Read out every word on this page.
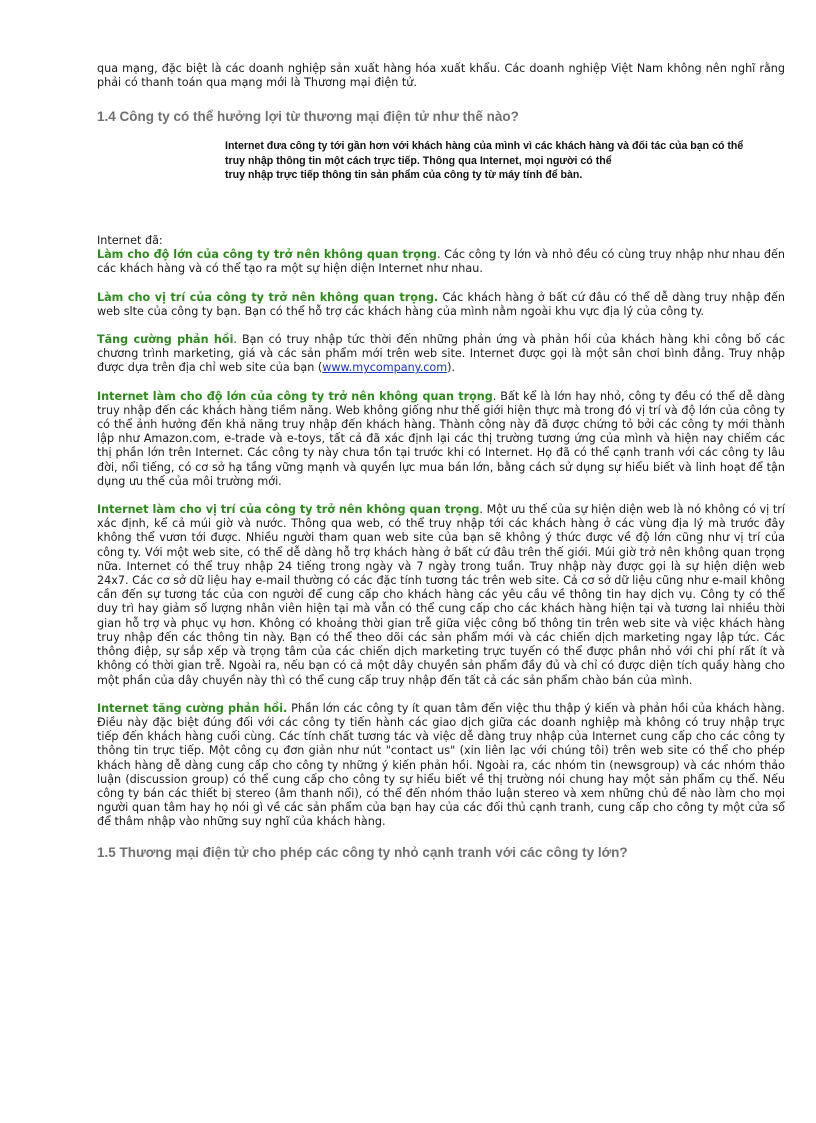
qua mạng, đặc biệt là các doanh nghiệp sản xuất hàng hóa xuất khẩu. Các doanh nghiệp Việt Nam không nên nghĩ rằng phải có thanh toán qua mạng mới là Thương mại điện tử.

1.4 Công ty có thể hưởng lợi từ thương mại điện tử như thế nào?

Internet đưa công ty tới gần hơn với khách hàng của mình vì các khách hàng và đối tác của bạn có thể

truy nhập thông tin một cách trực tiếp. Thông qua Internet, mọi người có thể

truy nhập trực tiếp thông tin sản phẩm của công ty từ máy tính để bàn.

Internet đã:

Làm cho độ lớn của công ty trở nên không quan trọng. Các công ty lớn và nhỏ đều có cùng truy nhập như nhau đến các khách hàng và có thể tạo ra một sự hiện diện Internet như nhau.

Làm cho vị trí của công ty trở nên không quan trọng. Các khách hàng ở bất cứ đâu có thể dễ dàng truy nhập đến web slte của công ty bạn. Bạn có thể hỗ trợ các khách hàng của mình nằm ngoài khu vực địa lý của công ty.

Tăng cường phản hồi. Bạn có truy nhập tức thời đến những phản ứng và phản hồi của khách hàng khi công bố các chương trình marketing, giá và các sản phẩm mới trên web site. Internet được gọi là một sân chơi bình đẳng. Truy nhập được dựa trên địa chỉ web site của bạn (www.mycompany.com).

Internet làm cho độ lớn của công ty trở nên không quan trọng. Bất kể là lớn hay nhỏ, công ty đều có thể dễ dàng truy nhập đến các khách hàng tiềm năng. Web không giống như thế giới hiện thực mà trong đó vị trí và độ lớn của công ty có thể ảnh hưởng đến khả năng truy nhập đến khách hàng. Thành công này đã được chứng tỏ bởi các công ty mới thành lập như Amazon.com, e-trade và e-toys, tất cả đã xác định lại các thị trường tương ứng của mình và hiện nay chiếm các thị phần lớn trên Internet. Các công ty này chưa tồn tại trước khi có Internet. Họ đã có thể cạnh tranh với các công ty lâu đời, nổi tiếng, có cơ sở hạ tầng vững mạnh và quyền lực mua bán lớn, bằng cách sử dụng sự hiểu biết và linh hoạt để tận dụng ưu thế của môi trường mới.

Internet làm cho vị trí của công ty trở nên không quan trọng. Một ưu thế của sự hiện diện web là nó không có vị trí xác định, kể cả múi giờ và nước. Thông qua web, có thể truy nhập tới các khách hàng ở các vùng địa lý mà trước đây không thể vươn tới được. Nhiều người tham quan web site của bạn sẽ không ý thức được về độ lớn cũng như vị trí của công ty. Với một web site, có thể dễ dàng hỗ trợ khách hàng ở bất cứ đâu trên thế giới. Múi giờ trở nên không quan trọng nữa. Internet có thể truy nhập 24 tiếng trong ngày và 7 ngày trong tuần. Truy nhập này được gọi là sự hiện diện web 24x7. Các cơ sở dữ liệu hay e-mail thường có các đặc tính tương tác trên web site. Cả cơ sở dữ liệu cũng như e-mail không cần đến sự tương tác của con người để cung cấp cho khách hàng các yêu cầu về thông tin hay dịch vụ. Công ty có thể duy trì hay giảm số lượng nhân viên hiện tại mà vẫn có thể cung cấp cho các khách hàng hiện tại và tương lai nhiều thời gian hỗ trợ và phục vụ hơn. Không có khoảng thời gian trễ giữa việc công bố thông tin trên web site và việc khách hàng truy nhập đến các thông tin này. Bạn có thể theo dõi các sản phẩm mới và các chiến dịch marketing ngay lập tức. Các thông điệp, sự sắp xếp và trọng tâm của các chiến dịch marketing trực tuyến có thể được phân nhỏ với chi phí rất ít và không có thời gian trễ. Ngoài ra, nếu bạn có cả một dây chuyền sản phẩm đầy đủ và chỉ có được diện tích quầy hàng cho một phần của dây chuyền này thì có thể cung cấp truy nhập đến tất cả các sản phẩm chào bán của mình.

Internet tăng cường phản hồi. Phần lớn các công ty ít quan tâm đến việc thu thập ý kiến và phản hồi của khách hàng. Điều này đặc biệt đúng đối với các công ty tiến hành các giao dịch giữa các doanh nghiệp mà không có truy nhập trực tiếp đến khách hàng cuối cùng. Các tính chất tương tác và việc dễ dàng truy nhập của Internet cung cấp cho các công ty thông tin trực tiếp. Một công cụ đơn giản như nút "contact us" (xin liên lạc với chúng tôi) trên web site có thể cho phép khách hàng dễ dàng cung cấp cho công ty những ý kiến phản hồi. Ngoài ra, các nhóm tin (newsgroup) và các nhóm thảo luận (discussion group) có thể cung cấp cho công ty sự hiểu biết về thị trường nói chung hay một sản phẩm cụ thể. Nếu công ty bán các thiết bị stereo (âm thanh nổi), có thể đến nhóm thảo luận stereo và xem những chủ đề nào làm cho mọi người quan tâm hay họ nói gì về các sản phẩm của bạn hay của các đối thủ cạnh tranh, cung cấp cho công ty một cửa sổ để thâm nhập vào những suy nghĩ của khách hàng.

1.5 Thương mại điện tử cho phép các công ty nhỏ cạnh tranh với các công ty lớn?
